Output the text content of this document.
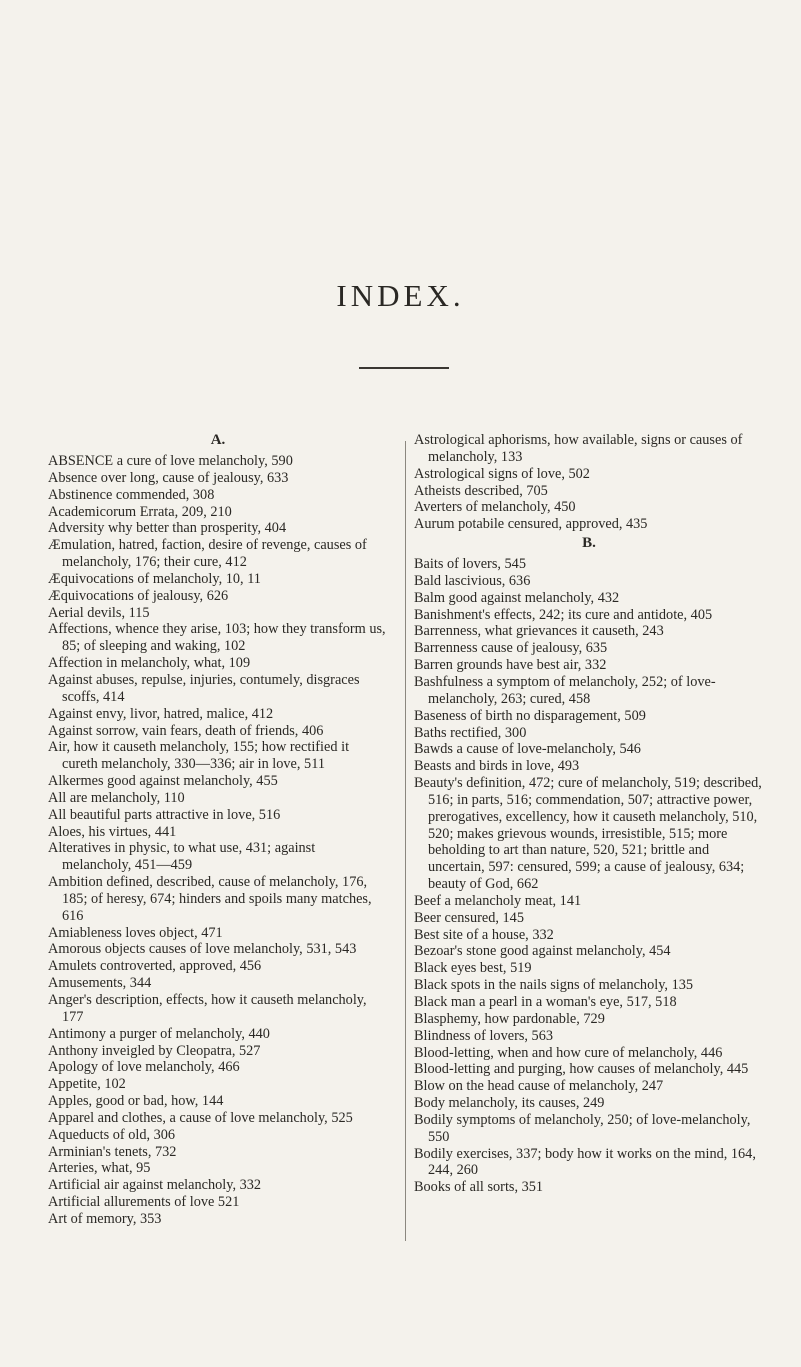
INDEX.

A.

ABSENCE a cure of love melancholy, 590

Absence over long, cause of jealousy, 633

Abstinence commended, 308

Academicorum Errata, 209, 210

Adversity why better than prosperity, 404

Æmulation, hatred, faction, desire of revenge, causes of melancholy, 176; their cure, 412

Æquivocations of melancholy, 10, 11

Æquivocations of jealousy, 626

Aerial devils, 115

Affections, whence they arise, 103; how they transform us, 85; of sleeping and waking, 102

Affection in melancholy, what, 109

Against abuses, repulse, injuries, contumely, disgraces scoffs, 414

Against envy, livor, hatred, malice, 412

Against sorrow, vain fears, death of friends, 406

Air, how it causeth melancholy, 155; how rectified it cureth melancholy, 330—336; air in love, 511

Alkermes good against melancholy, 455

All are melancholy, 110

All beautiful parts attractive in love, 516

Aloes, his virtues, 441

Alteratives in physic, to what use, 431; against melancholy, 451—459

Ambition defined, described, cause of melancholy, 176, 185; of heresy, 674; hinders and spoils many matches, 616

Amiableness loves object, 471

Amorous objects causes of love melancholy, 531, 543

Amulets controverted, approved, 456

Amusements, 344

Anger's description, effects, how it causeth melancholy, 177

Antimony a purger of melancholy, 440

Anthony inveigled by Cleopatra, 527

Apology of love melancholy, 466

Appetite, 102

Apples, good or bad, how, 144

Apparel and clothes, a cause of love melancholy, 525

Aqueducts of old, 306

Arminian's tenets, 732

Arteries, what, 95

Artificial air against melancholy, 332

Artificial allurements of love 521

Art of memory, 353

Astrological aphorisms, how available, signs or causes of melancholy, 133

Astrological signs of love, 502

Atheists described, 705

Averters of melancholy, 450

Aurum potabile censured, approved, 435

B.

Baits of lovers, 545

Bald lascivious, 636

Balm good against melancholy, 432

Banishment's effects, 242; its cure and antidote, 405

Barrenness, what grievances it causeth, 243

Barrenness cause of jealousy, 635

Barren grounds have best air, 332

Bashfulness a symptom of melancholy, 252; of love-melancholy, 263; cured, 458

Baseness of birth no disparagement, 509

Baths rectified, 300

Bawds a cause of love-melancholy, 546

Beasts and birds in love, 493

Beauty's definition, 472; cure of melancholy, 519; described, 516; in parts, 516; commendation, 507; attractive power, prerogatives, excellency, how it causeth melancholy, 510, 520; makes grievous wounds, irresistible, 515; more beholding to art than nature, 520, 521; brittle and uncertain, 597: censured, 599; a cause of jealousy, 634; beauty of God, 662

Beef a melancholy meat, 141

Beer censured, 145

Best site of a house, 332

Bezoar's stone good against melancholy, 454

Black eyes best, 519

Black spots in the nails signs of melancholy, 135

Black man a pearl in a woman's eye, 517, 518

Blasphemy, how pardonable, 729

Blindness of lovers, 563

Blood-letting, when and how cure of melancholy, 446

Blood-letting and purging, how causes of melancholy, 445

Blow on the head cause of melancholy, 247

Body melancholy, its causes, 249

Bodily symptoms of melancholy, 250; of love-melancholy, 550

Bodily exercises, 337; body how it works on the mind, 164, 244, 260

Books of all sorts, 351
